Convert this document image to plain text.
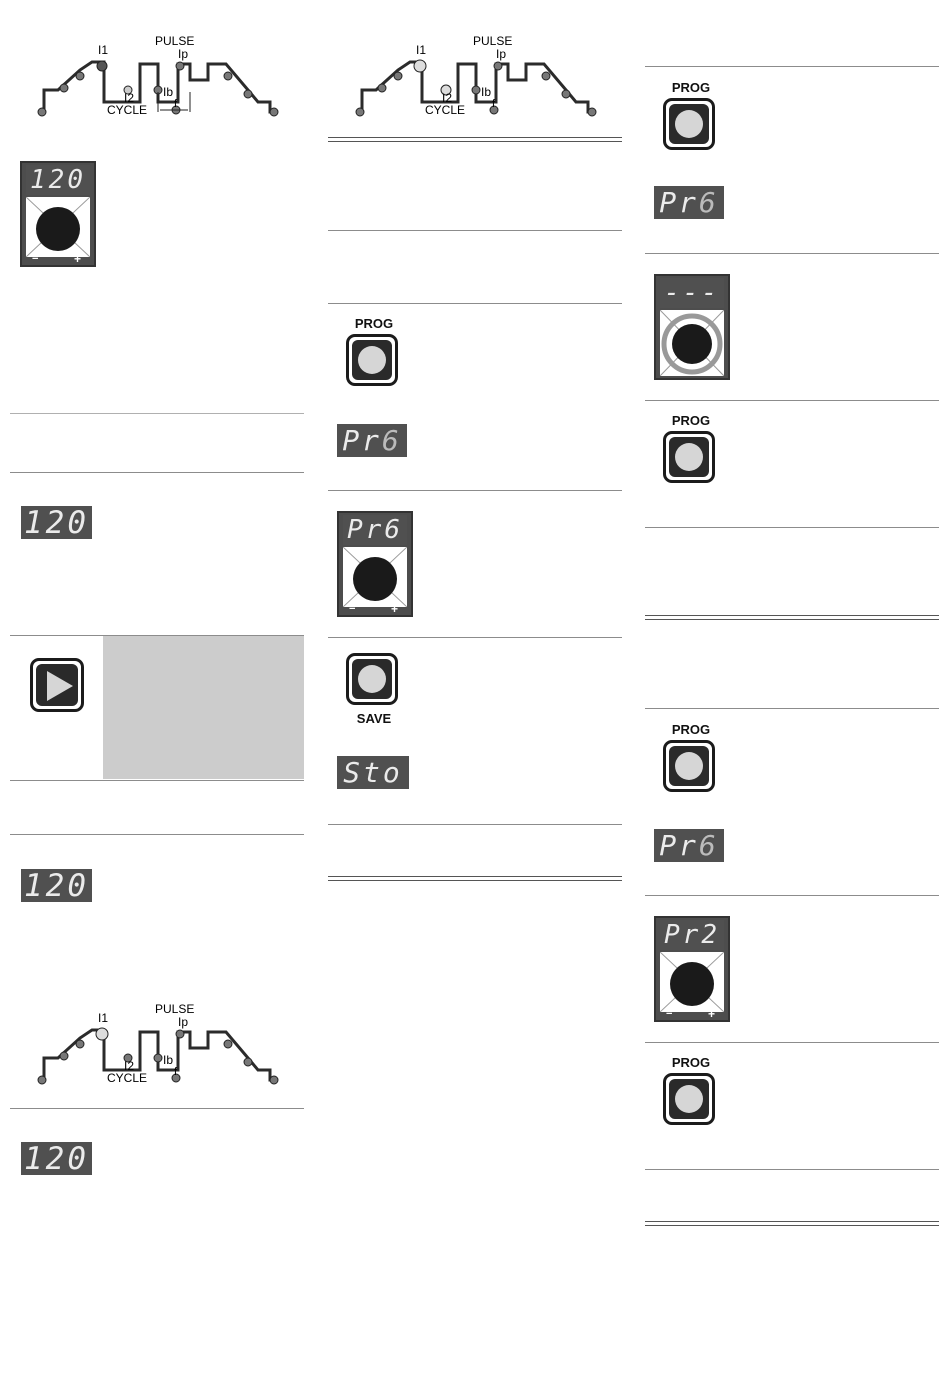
PULSE
Ip
I1
I2
CYCLE
Ib
f
120
−	+
120
120
PULSE
Ip
I1
I2
CYCLE
Ib
f
120
PULSE
Ip
I1
I2
CYCLE
Ib
f
PROG
Pr6
Pr6
−	+
SAVE
Sto
PROG
Pr6
---
PROG
PROG
Pr6
Pr2
−	+
PROG
